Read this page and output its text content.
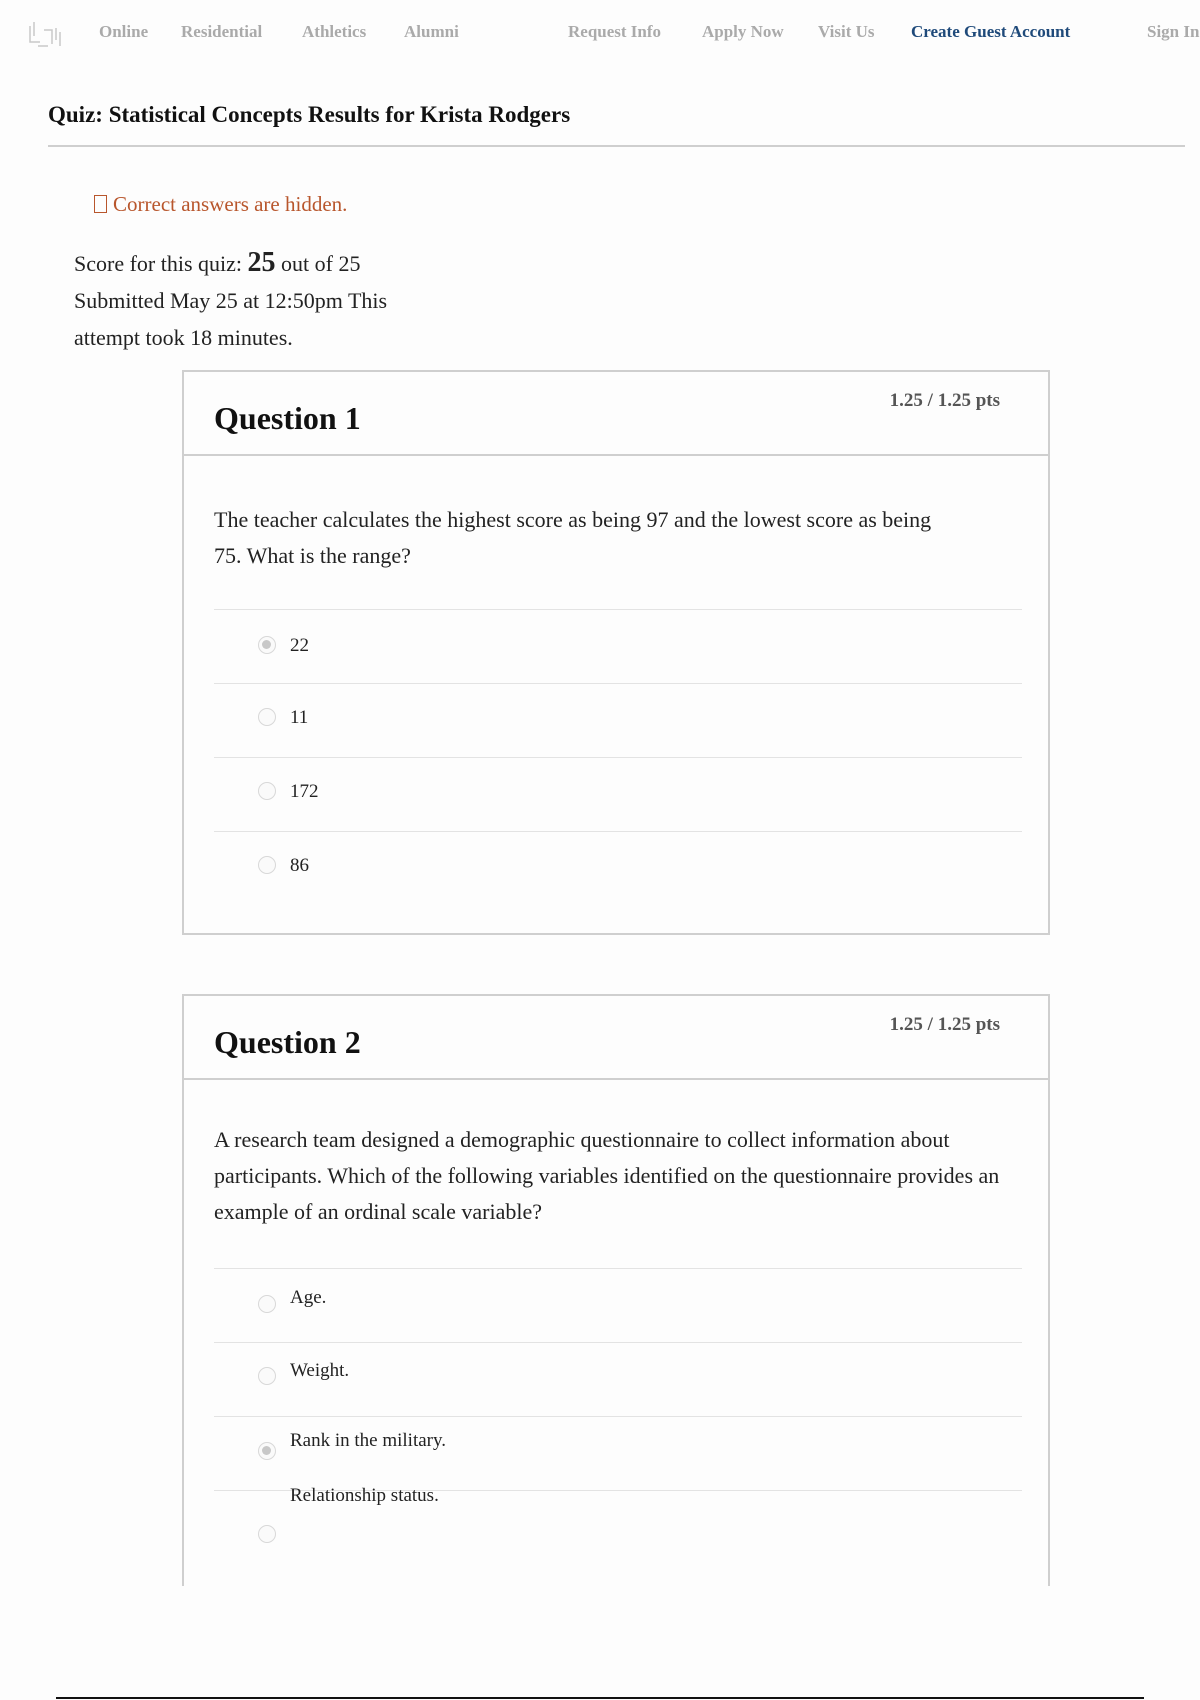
Online Residential Athletics Alumni	Request Info Apply Now Visit Us Create Guest Account	Sign In
Quiz: Statistical Concepts Results for Krista Rodgers
Correct answers are hidden.
Score for this quiz: 25 out of 25
Submitted May 25 at 12:50pm This
attempt took 18 minutes.
Question 1	1.25 / 1.25 pts

The teacher calculates the highest score as being 97 and the lowest score as being 75. What is the range?

22
11
172
86
Question 2	1.25 / 1.25 pts

A research team designed a demographic questionnaire to collect information about participants. Which of the following variables identified on the questionnaire provides an example of an ordinal scale variable?

Age.
Weight.
Rank in the military.
Relationship status.
